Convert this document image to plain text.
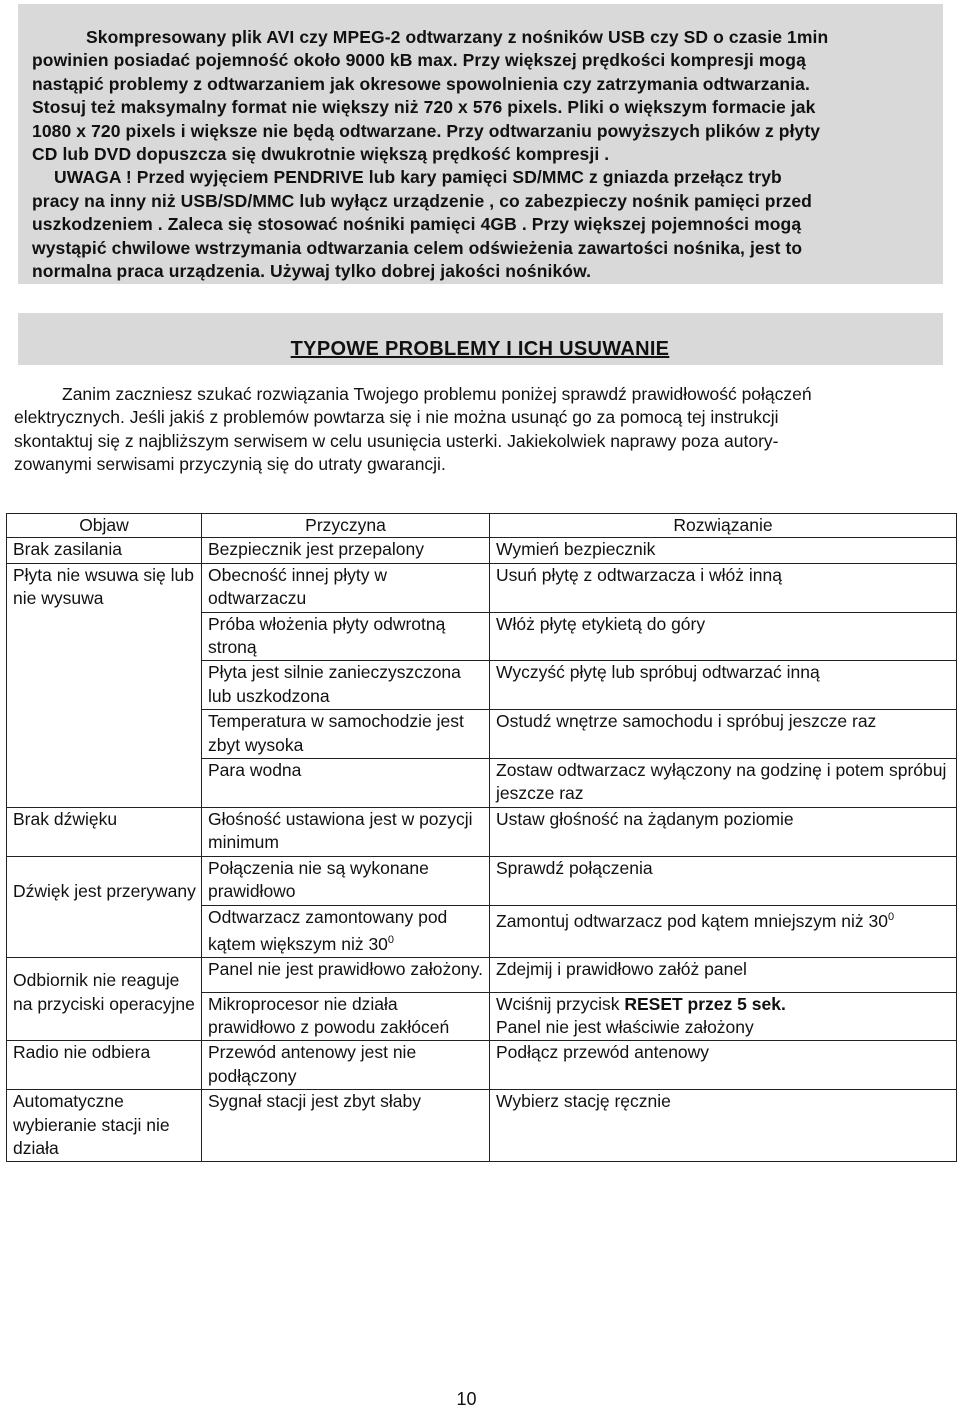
Skompresowany plik AVI czy MPEG-2 odtwarzany z nośników USB czy SD o czasie 1min
powinien posiadać pojemność około 9000 kB max. Przy większej prędkości kompresji mogą
nastąpić problemy z odtwarzaniem jak okresowe spowolnienia czy zatrzymania odtwarzania.
Stosuj też maksymalny format nie większy niż 720 x 576 pixels. Pliki o większym formacie jak
1080 x 720 pixels i większe nie będą odtwarzane. Przy odtwarzaniu powyższych plików z płyty
CD lub DVD dopuszcza się dwukrotnie większą prędkość kompresji .
UWAGA ! Przed wyjęciem PENDRIVE lub kary pamięci SD/MMC z gniazda przełącz tryb
pracy na inny niż USB/SD/MMC lub wyłącz urządzenie , co zabezpieczy nośnik pamięci przed
uszkodzeniem . Zaleca się stosować nośniki pamięci 4GB . Przy większej pojemności mogą
wystąpić chwilowe wstrzymania odtwarzania celem odświeżenia zawartości nośnika, jest to
normalna praca urządzenia. Używaj tylko dobrej jakości nośników.
TYPOWE PROBLEMY I ICH USUWANIE
Zanim zaczniesz szukać rozwiązania Twojego problemu poniżej sprawdź prawidłowość połączeń
elektrycznych. Jeśli jakiś z problemów powtarza się i nie można usunąć go za pomocą tej instrukcji
skontaktuj się z najbliższym serwisem w celu usunięcia usterki. Jakiekolwiek naprawy poza autory-
zowanymi serwisami przyczynią się do utraty gwarancji.
Objaw	Przyczyna	Rozwiązanie
Brak zasilania	Bezpiecznik jest przepalony	Wymień bezpiecznik
Płyta nie wsuwa się lub nie wysuwa	Obecność innej płyty w odtwarzaczu	Usuń płytę z odtwarzacza i włóż inną
	Próba włożenia płyty odwrotną stroną	Włóż płytę etykietą do góry
	Płyta jest silnie zanieczyszczona lub uszkodzona	Wyczyść płytę lub spróbuj odtwarzać inną
	Temperatura w samochodzie jest zbyt wysoka	Ostudź wnętrze samochodu i spróbuj jeszcze raz
	Para wodna	Zostaw odtwarzacz wyłączony na godzinę i potem spróbuj jeszcze raz
Brak dźwięku	Głośność ustawiona jest w pozycji minimum	Ustaw głośność na żądanym poziomie
Dźwięk jest przerywany	Połączenia nie są wykonane prawidłowo	Sprawdź połączenia
	Odtwarzacz zamontowany pod kątem większym niż $30^0$	Zamontuj odtwarzacz pod kątem mniejszym niż $30^0$
Odbiornik nie reaguje na przyciski operacyjne	Panel nie jest prawidłowo założony.	Zdejmij i prawidłowo załóż panel
	Mikroprocesor nie działa prawidłowo z powodu zakłóceń	Wciśnij przycisk RESET przez 5 sek.
Panel nie jest właściwie założony
Radio nie odbiera	Przewód antenowy jest nie podłączony	Podłącz przewód antenowy
Automatyczne wybieranie stacji nie działa	Sygnał stacji jest zbyt słaby	Wybierz stację ręcznie
10
